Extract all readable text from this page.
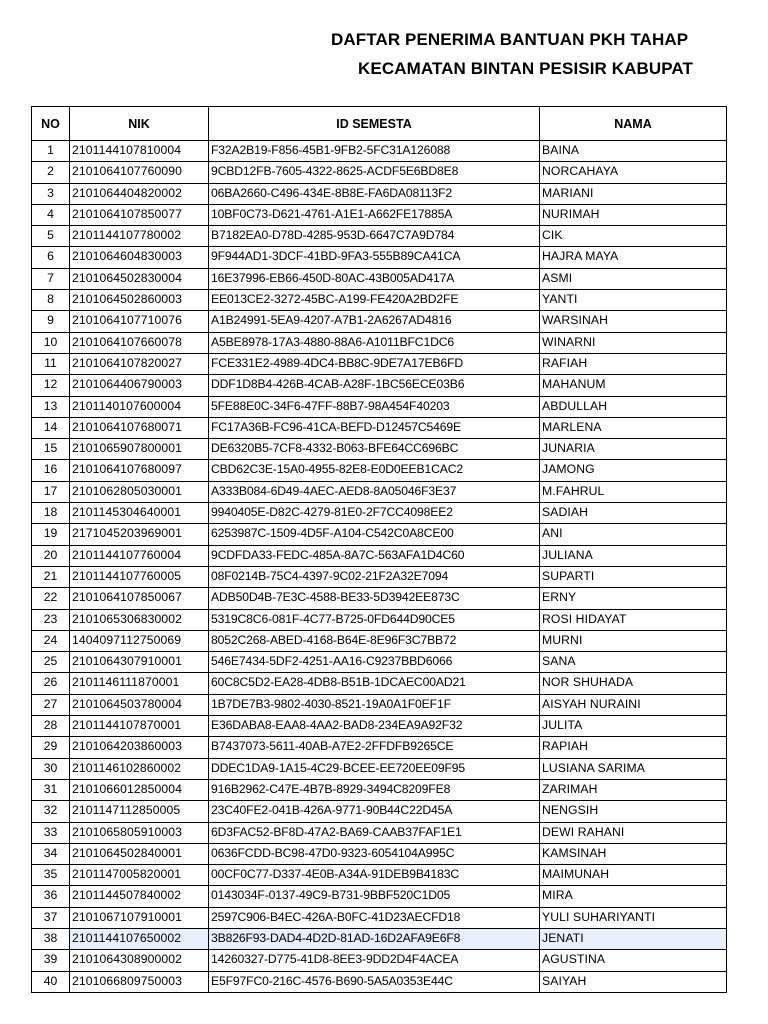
DAFTAR PENERIMA BANTUAN PKH TAHAP
KECAMATAN BINTAN PESISIR KABUPAT
NO	NIK	ID SEMESTA	NAMA
1	2101144107810004	F32A2B19-F856-45B1-9FB2-5FC31A126088	BAINA
2	2101064107760090	9CBD12FB-7605-4322-8625-ACDF5E6BD8E8	NORCAHAYA
3	2101064404820002	06BA2660-C496-434E-8B8E-FA6DA08113F2	MARIANI
4	2101064107850077	10BF0C73-D621-4761-A1E1-A662FE17885A	NURIMAH
5	2101144107780002	B7182EA0-D78D-4285-953D-6647C7A9D784	CIK
6	2101064604830003	9F944AD1-3DCF-41BD-9FA3-555B89CA41CA	HAJRA MAYA
7	2101064502830004	16E37996-EB66-450D-80AC-43B005AD417A	ASMI
8	2101064502860003	EE013CE2-3272-45BC-A199-FE420A2BD2FE	YANTI
9	2101064107710076	A1B24991-5EA9-4207-A7B1-2A6267AD4816	WARSINAH
10	2101064107660078	A5BE8978-17A3-4880-88A6-A1011BFC1DC6	WINARNI
11	2101064107820027	FCE331E2-4989-4DC4-BB8C-9DE7A17EB6FD	RAFIAH
12	2101064406790003	DDF1D8B4-426B-4CAB-A28F-1BC56ECE03B6	MAHANUM
13	2101140107600004	5FE88E0C-34F6-47FF-88B7-98A454F40203	ABDULLAH
14	2101064107680071	FC17A36B-FC96-41CA-BEFD-D12457C5469E	MARLENA
15	2101065907800001	DE6320B5-7CF8-4332-B063-BFE64CC696BC	JUNARIA
16	2101064107680097	CBD62C3E-15A0-4955-82E8-E0D0EEB1CAC2	JAMONG
17	2101062805030001	A333B084-6D49-4AEC-AED8-8A05046F3E37	M.FAHRUL
18	2101145304640001	9940405E-D82C-4279-81E0-2F7CC4098EE2	SADIAH
19	2171045203969001	6253987C-1509-4D5F-A104-C542C0A8CE00	ANI
20	2101144107760004	9CDFDA33-FEDC-485A-8A7C-563AFA1D4C60	JULIANA
21	2101144107760005	08F0214B-75C4-4397-9C02-21F2A32E7094	SUPARTI
22	2101064107850067	ADB50D4B-7E3C-4588-BE33-5D3942EE873C	ERNY
23	2101065306830002	5319C8C6-081F-4C77-B725-0FD644D90CE5	ROSI HIDAYAT
24	1404097112750069	8052C268-ABED-4168-B64E-8E96F3C7BB72	MURNI
25	2101064307910001	546E7434-5DF2-4251-AA16-C9237BBD6066	SANA
26	2101146111870001	60C8C5D2-EA28-4DB8-B51B-1DCAEC00AD21	NOR SHUHADA
27	2101064503780004	1B7DE7B3-9802-4030-8521-19A0A1F0EF1F	AISYAH NURAINI
28	2101144107870001	E36DABA8-EAA8-4AA2-BAD8-234EA9A92F32	JULITA
29	2101064203860003	B7437073-5611-40AB-A7E2-2FFDFB9265CE	RAPIAH
30	2101146102860002	DDEC1DA9-1A15-4C29-BCEE-EE720EE09F95	LUSIANA SARIMA
31	2101066012850004	916B2962-C47E-4B7B-8929-3494C8209FE8	ZARIMAH
32	2101147112850005	23C40FE2-041B-426A-9771-90B44C22D45A	NENGSIH
33	2101065805910003	6D3FAC52-BF8D-47A2-BA69-CAAB37FAF1E1	DEWI RAHANI
34	2101064502840001	0636FCDD-BC98-47D0-9323-6054104A995C	KAMSINAH
35	2101147005820001	00CF0C77-D337-4E0B-A34A-91DEB9B4183C	MAIMUNAH
36	2101144507840002	0143034F-0137-49C9-B731-9BBF520C1D05	MIRA
37	2101067107910001	2597C906-B4EC-426A-B0FC-41D23AECFD18	YULI SUHARIYANTI
38	2101144107650002	3B826F93-DAD4-4D2D-81AD-16D2AFA9E6F8	JENATI
39	2101064308900002	14260327-D775-41D8-8EE3-9DD2D4F4ACEA	AGUSTINA
40	2101066809750003	E5F97FC0-216C-4576-B690-5A5A0353E44C	SAIYAH
